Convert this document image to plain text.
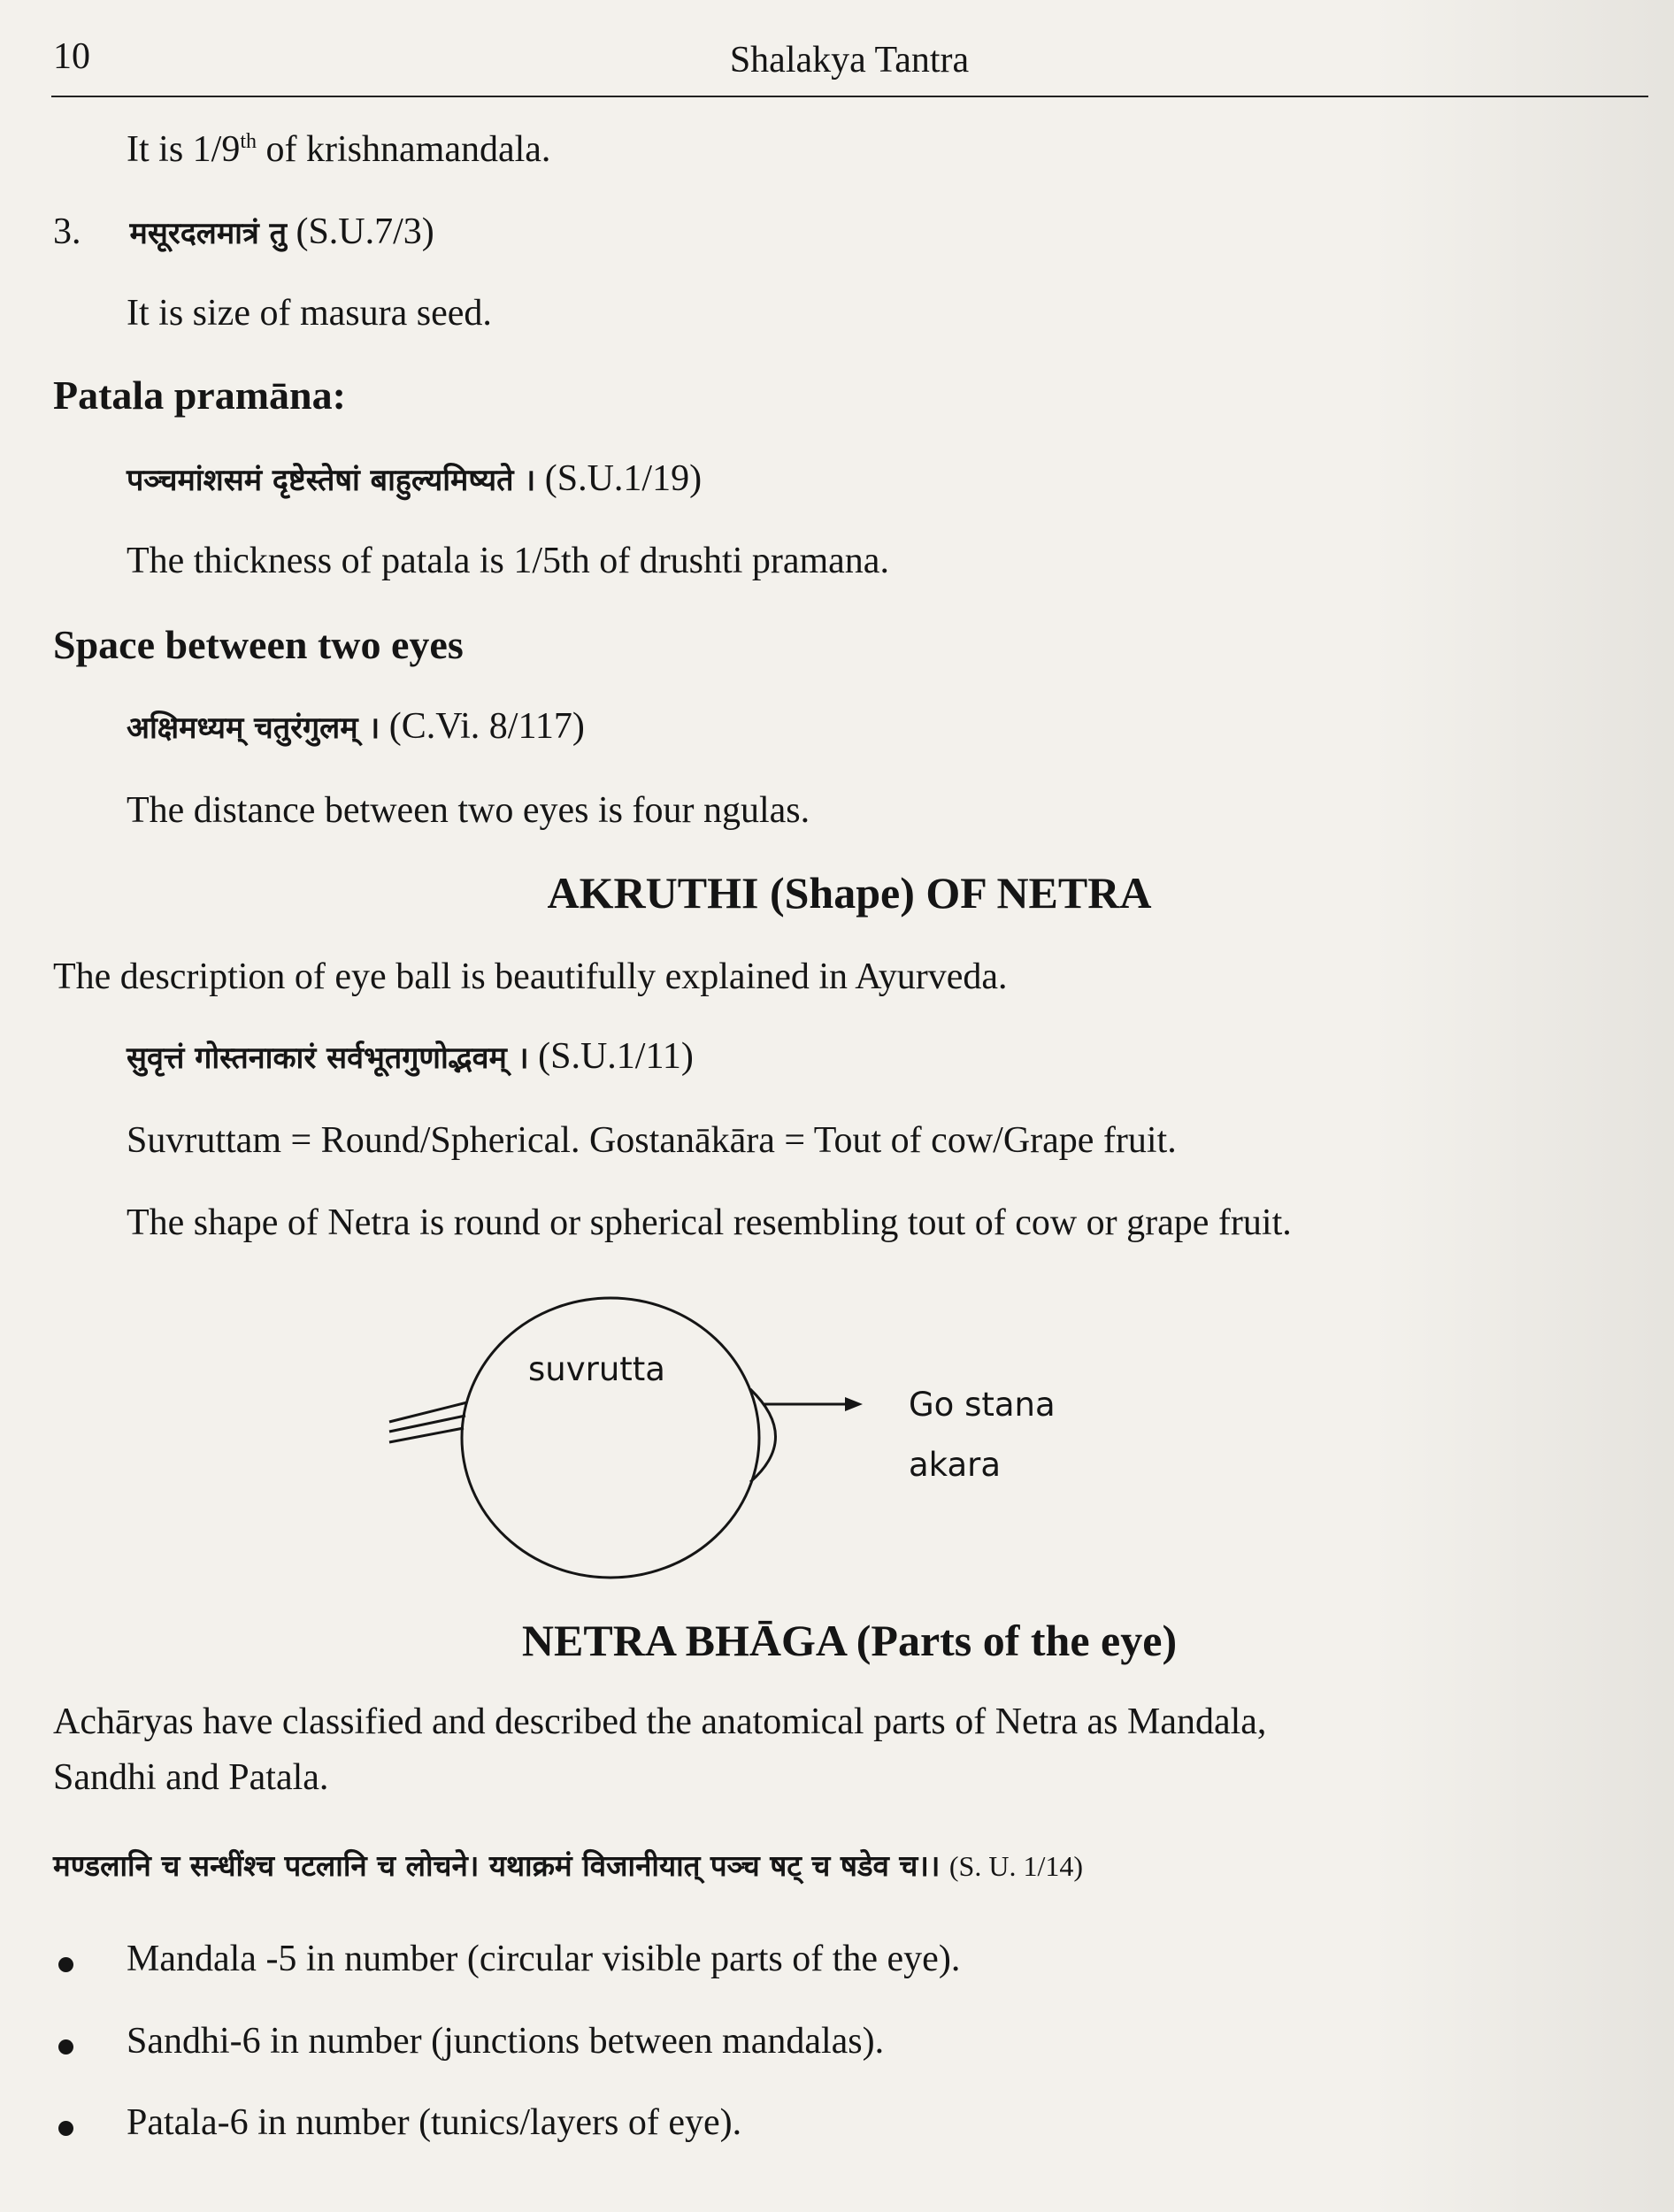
10	Shalakya Tantra
It is 1/9th of krishnamandala.
3. मसूरदलमात्रं तु (S.U.7/3)
It is size of masura seed.
Patala pramāna:
पञ्चमांशसमं दृष्टेस्तेषां बाहुल्यमिष्यते । (S.U.1/19)
The thickness of patala is 1/5th of drushti pramana.
Space between two eyes
अक्षिमध्यम् चतुरंगुलम् । (C.Vi. 8/117)
The distance between two eyes is four ngulas.
AKRUTHI (Shape) OF NETRA
The description of eye ball is beautifully explained in Ayurveda.
सुवृत्तं गोस्तनाकारं सर्वभूतगुणोद्भवम् । (S.U.1/11)
Suvruttam = Round/Spherical. Gostanākāra = Tout of cow/Grape fruit.
The shape of Netra is round or spherical resembling tout of cow or grape fruit.
suvrutta
Go stana
akara
NETRA BHĀGA (Parts of the eye)
Achāryas have classified and described the anatomical parts of Netra as Mandala,
Sandhi and Patala.
मण्डलानि च सन्धींश्च पटलानि च लोचने। यथाक्रमं विजानीयात् पञ्च षट् च षडेव च।। (S. U. 1/14)
Mandala -5 in number (circular visible parts of the eye).
Sandhi-6 in number (junctions between mandalas).
Patala-6 in number (tunics/layers of eye).
